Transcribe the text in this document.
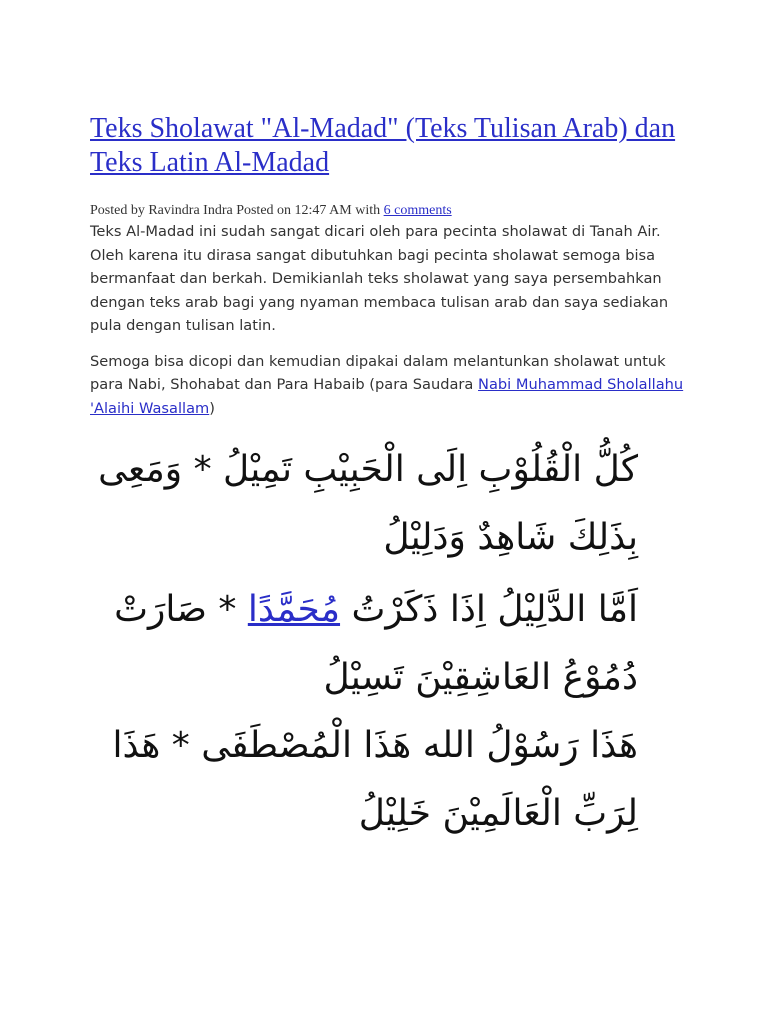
Teks Sholawat "Al-Madad" (Teks Tulisan Arab) dan Teks Latin Al-Madad
Posted by Ravindra Indra Posted on 12:47 AM with 6 comments

Teks Al-Madad ini sudah sangat dicari oleh para pecinta sholawat di Tanah Air. Oleh karena itu dirasa sangat dibutuhkan bagi pecinta sholawat semoga bisa bermanfaat dan berkah. Demikianlah teks sholawat yang saya persembahkan dengan teks arab bagi yang nyaman membaca tulisan arab dan saya sediakan pula dengan tulisan latin.

Semoga bisa dicopi dan kemudian dipakai dalam melantunkan sholawat untuk para Nabi, Shohabat dan Para Habaib (para Saudara Nabi Muhammad Sholallahu 'Alaihi Wasallam)

كُلُّ الْقُلُوْبِ اِلَى الْحَبِيْبِ تَمِيْلُ * وَمَعِى بِذَلِكَ شَاهِدٌ وَدَلِيْلُ

اَمَّا الدَّلِيْلُ اِذَا ذَكَرْتُ مُحَمَّدًا * صَارَتْ دُمُوْعُ العَاشِقِيْنَ تَسِيْلُ

هَذَا رَسُوْلُ الله هَذَا الْمُصْطَفَى * هَذَا لِرَبِّ الْعَالَمِيْنَ خَلِيْلُ
